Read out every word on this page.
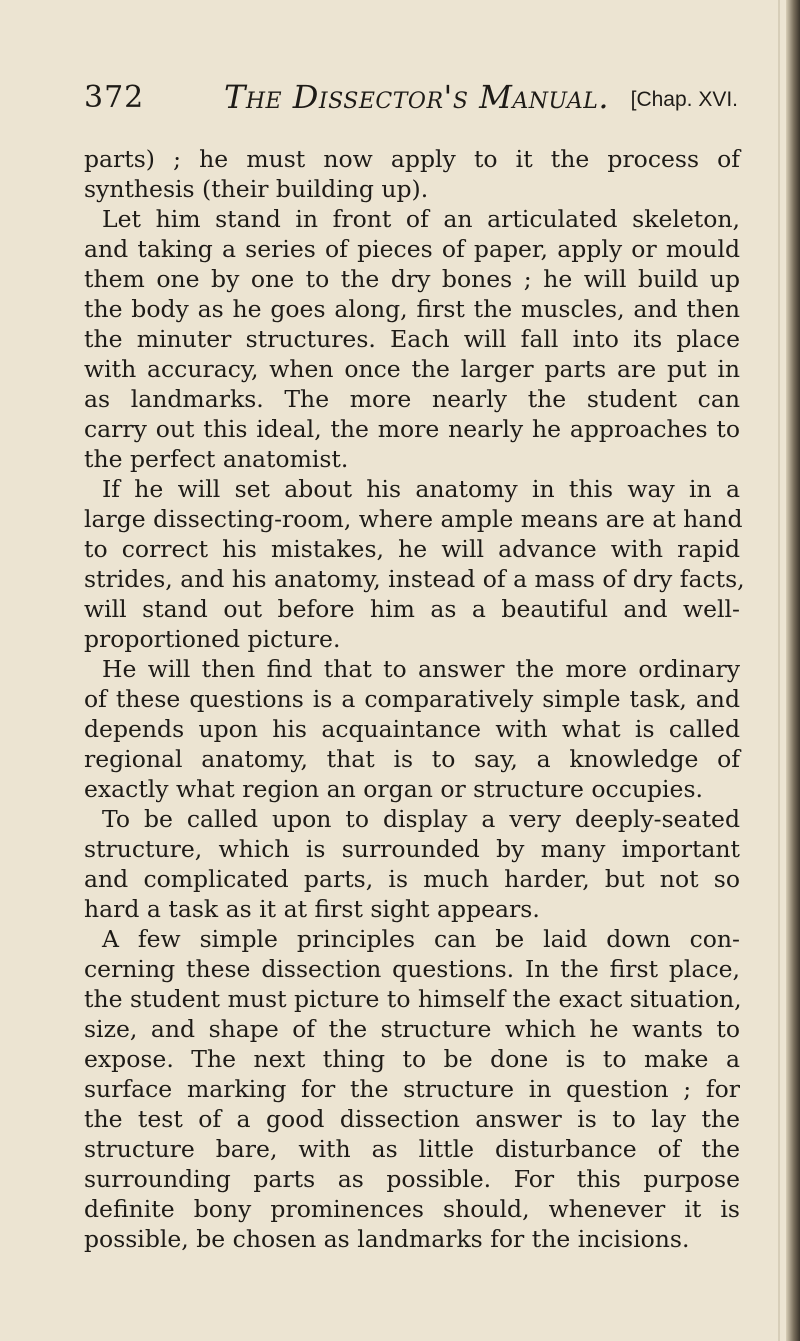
372 The Dissector's Manual. [Chap. XVI.
parts) ; he must now apply to it the process of
synthesis (their building up).
Let him stand in front of an articulated skeleton,
and taking a series of pieces of paper, apply or mould
them one by one to the dry bones ; he will build up
the body as he goes along, first the muscles, and then
the minuter structures. Each will fall into its place
with accuracy, when once the larger parts are put in
as landmarks. The more nearly the student can
carry out this ideal, the more nearly he approaches to
the perfect anatomist.
If he will set about his anatomy in this way in a
large dissecting-room, where ample means are at hand
to correct his mistakes, he will advance with rapid
strides, and his anatomy, instead of a mass of dry facts,
will stand out before him as a beautiful and well-
proportioned picture.
He will then find that to answer the more ordinary
of these questions is a comparatively simple task, and
depends upon his acquaintance with what is called
regional anatomy, that is to say, a knowledge of
exactly what region an organ or structure occupies.
To be called upon to display a very deeply-seated
structure, which is surrounded by many important
and complicated parts, is much harder, but not so
hard a task as it at first sight appears.
A few simple principles can be laid down con-
cerning these dissection questions. In the first place,
the student must picture to himself the exact situation,
size, and shape of the structure which he wants to
expose. The next thing to be done is to make a
surface marking for the structure in question ; for
the test of a good dissection answer is to lay the
structure bare, with as little disturbance of the
surrounding parts as possible. For this purpose
definite bony prominences should, whenever it is
possible, be chosen as landmarks for the incisions.
